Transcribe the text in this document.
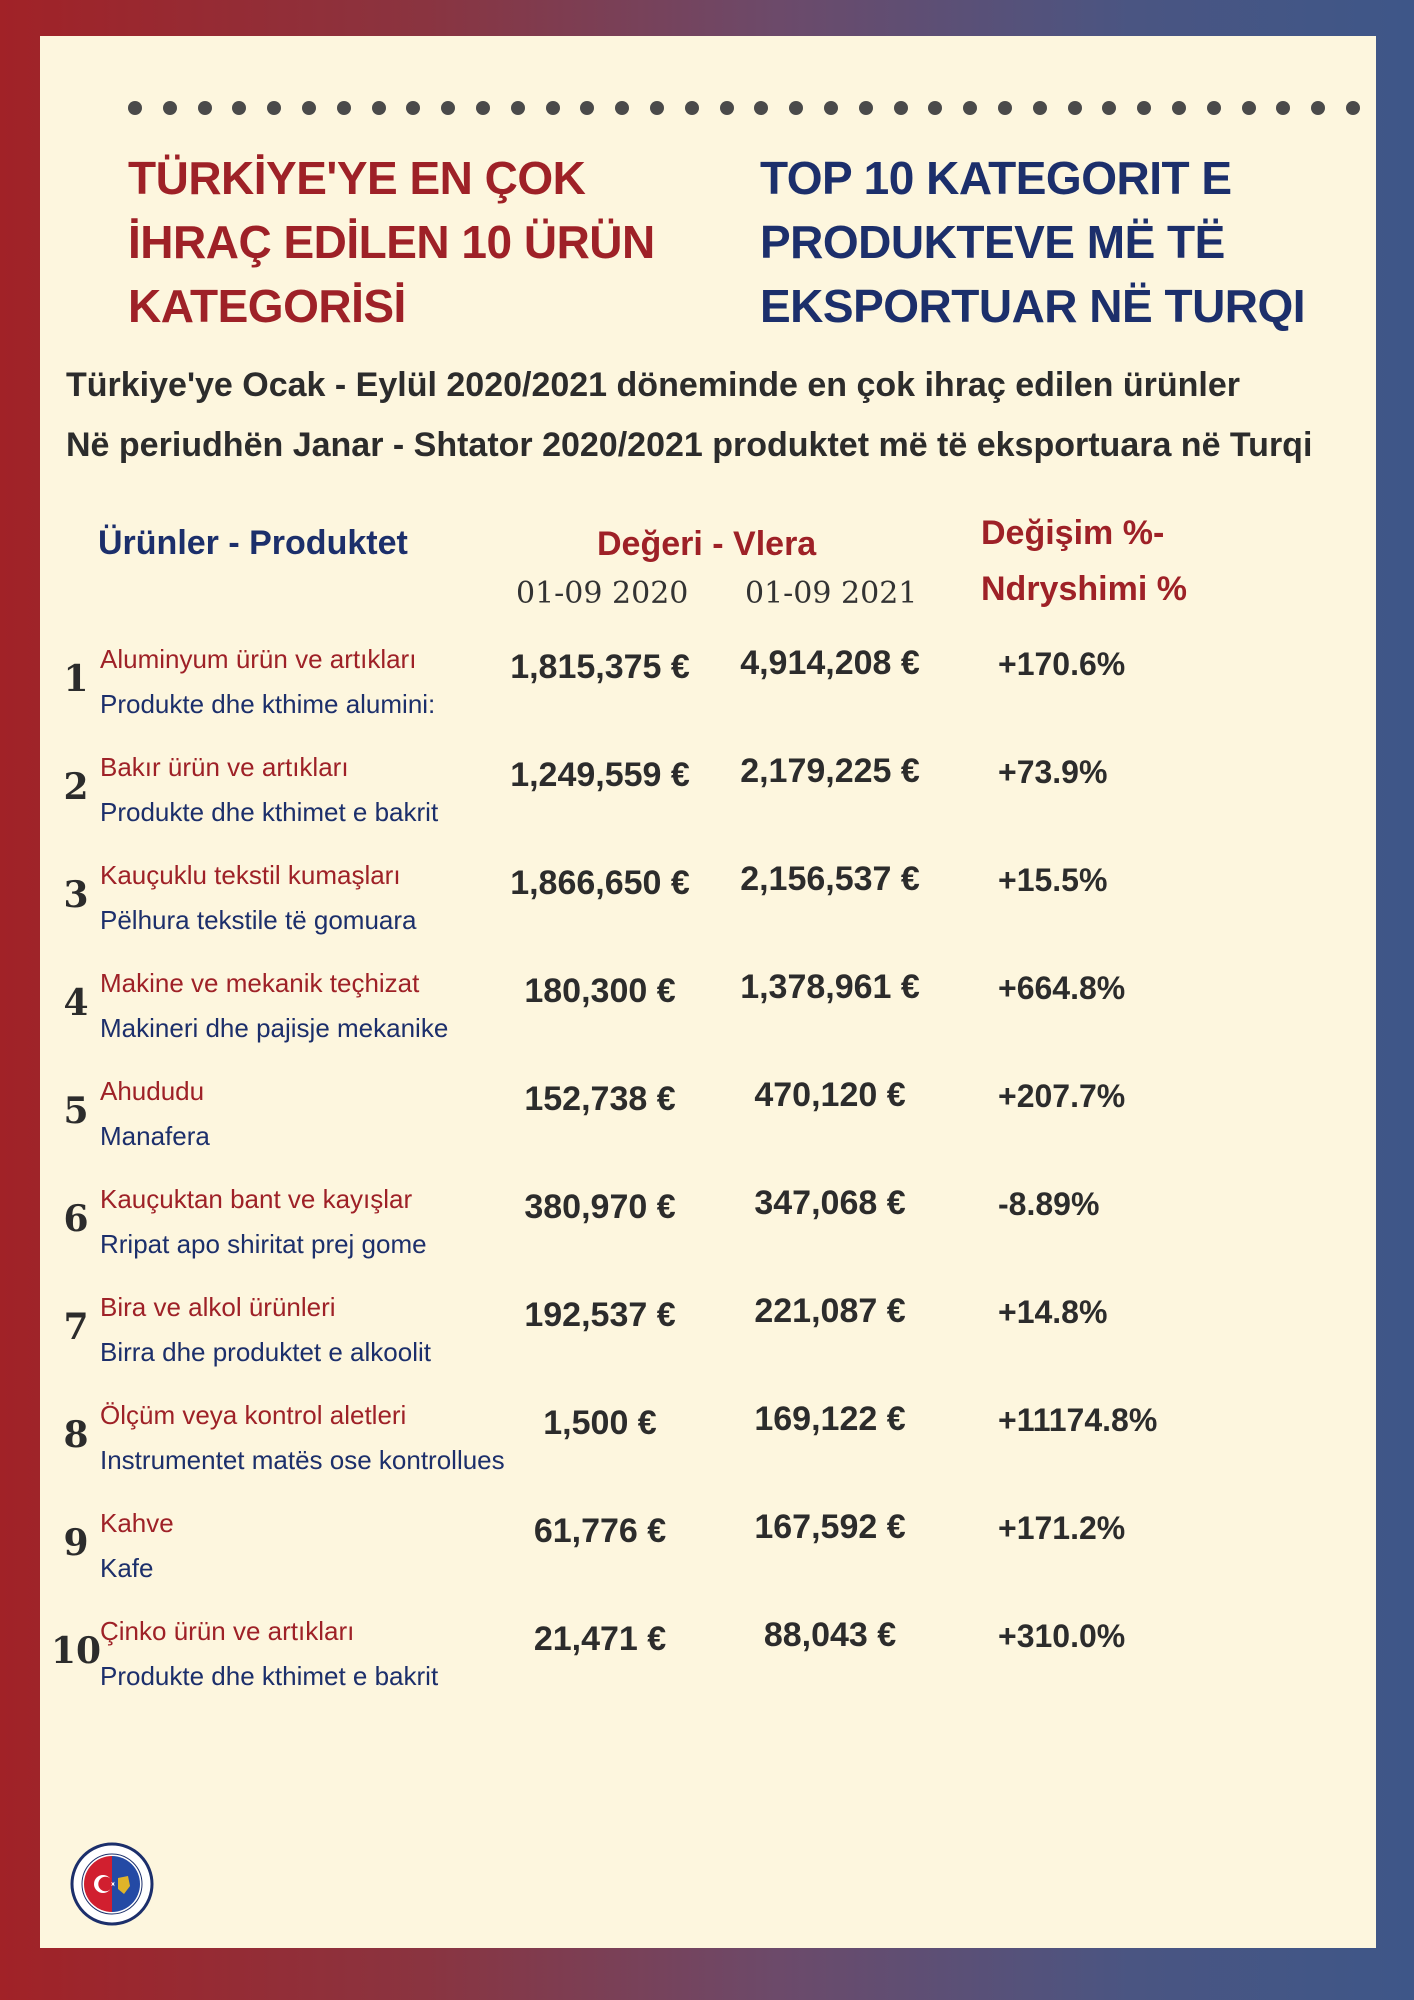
TÜRKİYE'YE EN ÇOK
İHRAÇ EDİLEN 10 ÜRÜN
KATEGORİSİ
TOP 10 KATEGORIT E
PRODUKTEVE MË TË
EKSPORTUAR NË TURQI
Türkiye'ye Ocak - Eylül 2020/2021 döneminde en çok ihraç edilen ürünler
Në periudhën Janar - Shtator 2020/2021 produktet më të eksportuara në Turqi
Ürünler - Produktet	Değeri - Vlera	Değişim %-
Ndryshimi %
01-09 2020 01-09 2021
1 Aluminyum ürün ve artıkları
Produkte dhe kthime alumini:
1,815,375 € 4,914,208 €	+170.6%
2 Bakır ürün ve artıkları
Produkte dhe kthimet e bakrit
1,249,559 € 2,179,225 €	+73.9%
3 Kauçuklu tekstil kumaşları
Pëlhura tekstile të gomuara
1,866,650 € 2,156,537 €	+15.5%
4 Makine ve mekanik teçhizat
Makineri dhe pajisje mekanike
180,300 €	1,378,961 €	+664.8%
5 Ahududu
Manafera
152,738 €	470,120 €	+207.7%
6 Kauçuktan bant ve kayışlar
Rripat apo shiritat prej gome
380,970 €	347,068 €	-8.89%
7 Bira ve alkol ürünleri
Birra dhe produktet e alkoolit
192,537 €	221,087 €	+14.8%
8 Ölçüm veya kontrol aletleri
Instrumentet matës ose kontrollues
1,500 €	169,122 €	+11174.8%
9 Kahve
Kafe
61,776 €	167,592 €	+171.2%
10
Çinko ürün ve artıkları
Produkte dhe kthimet e bakrit
21,471 €	88,043 €	+310.0%
